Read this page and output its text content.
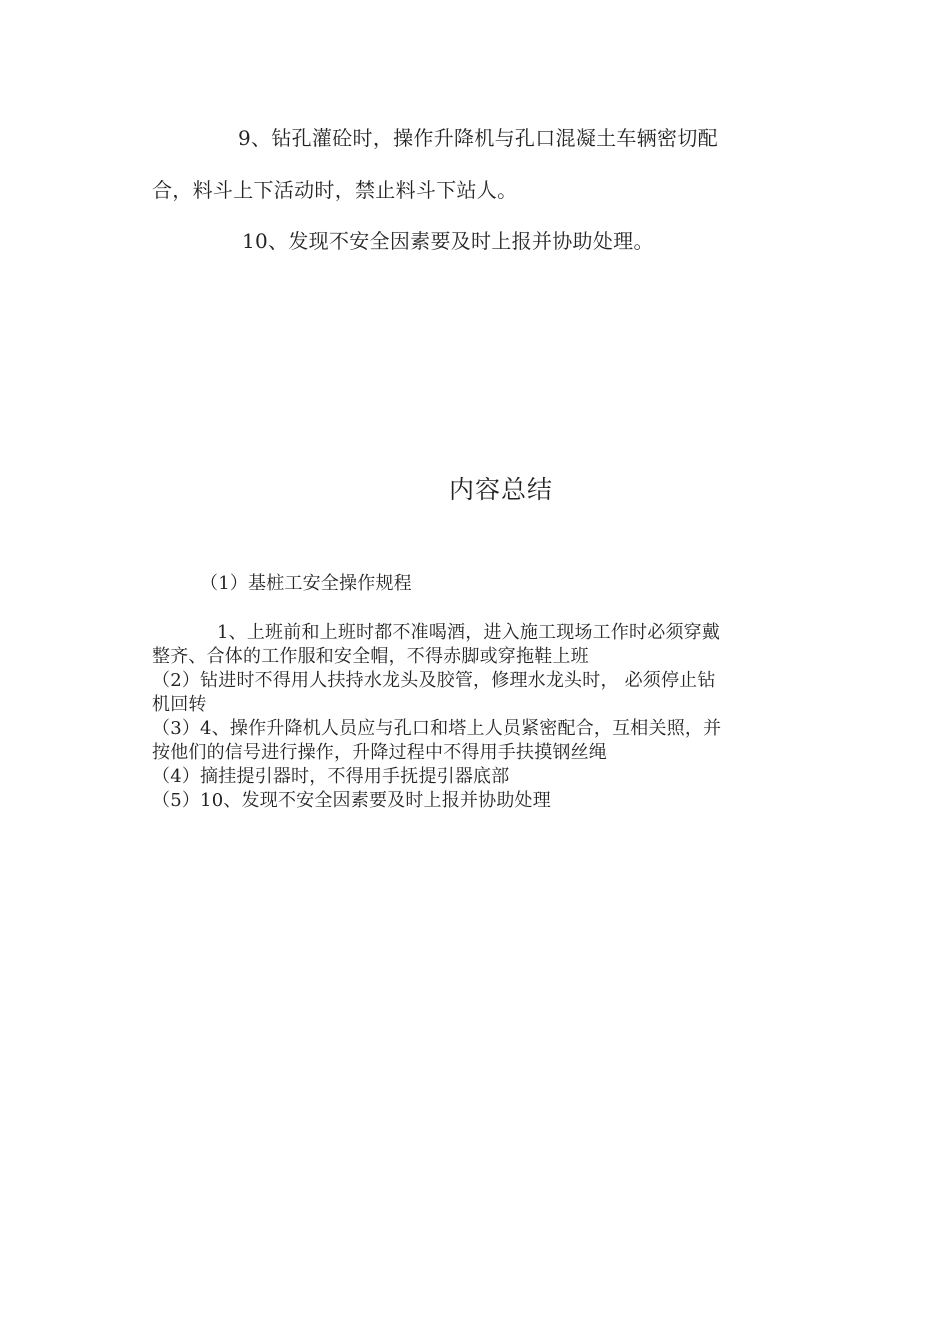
9、钻孔灌砼时，操作升降机与孔口混凝土车辆密切配
合，料斗上下活动时，禁止料斗下站人。
10、发现不安全因素要及时上报并协助处理。
内容总结
（1）基桩工安全操作规程
1、上班前和上班时都不准喝酒，进入施工现场工作时必须穿戴
整齐、合体的工作服和安全帽，不得赤脚或穿拖鞋上班
（2）钻进时不得用人扶持水龙头及胶管，修理水龙头时， 必须停止钻
机回转
（3）4、操作升降机人员应与孔口和塔上人员紧密配合，互相关照，并
按他们的信号进行操作，升降过程中不得用手扶摸钢丝绳
（4）摘挂提引器时，不得用手抚提引器底部
（5）10、发现不安全因素要及时上报并协助处理
